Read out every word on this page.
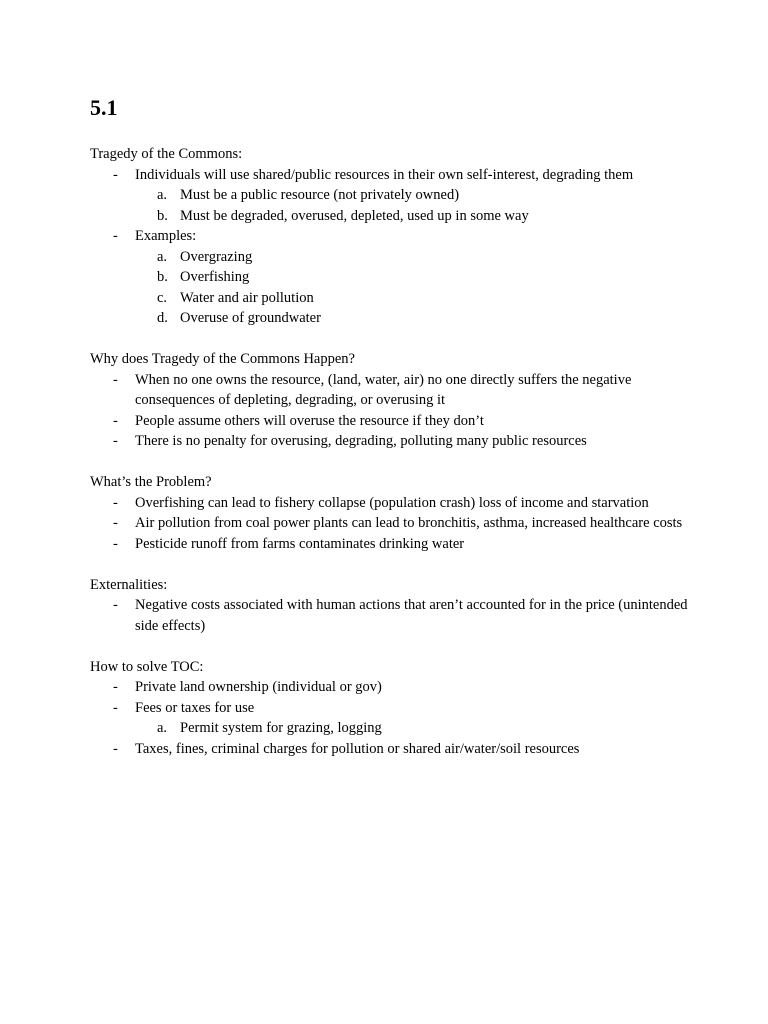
5.1
Tragedy of the Commons:
-	Individuals will use shared/public resources in their own self-interest, degrading them
a. Must be a public resource (not privately owned)
b. Must be degraded, overused, depleted, used up in some way
-	Examples:
a. Overgrazing
b. Overfishing
c. Water and air pollution
d. Overuse of groundwater
Why does Tragedy of the Commons Happen?
-	When no one owns the resource, (land, water, air) no one directly suffers the negative consequences of depleting, degrading, or overusing it
-	People assume others will overuse the resource if they don’t
-	There is no penalty for overusing, degrading, polluting many public resources
What’s the Problem?
-	Overfishing can lead to fishery collapse (population crash) loss of income and starvation
-	Air pollution from coal power plants can lead to bronchitis, asthma, increased healthcare costs
-	Pesticide runoff from farms contaminates drinking water
Externalities:
-	Negative costs associated with human actions that aren’t accounted for in the price (unintended side effects)
How to solve TOC:
-	Private land ownership (individual or gov)
-	Fees or taxes for use
a. Permit system for grazing, logging
-	Taxes, fines, criminal charges for pollution or shared air/water/soil resources
